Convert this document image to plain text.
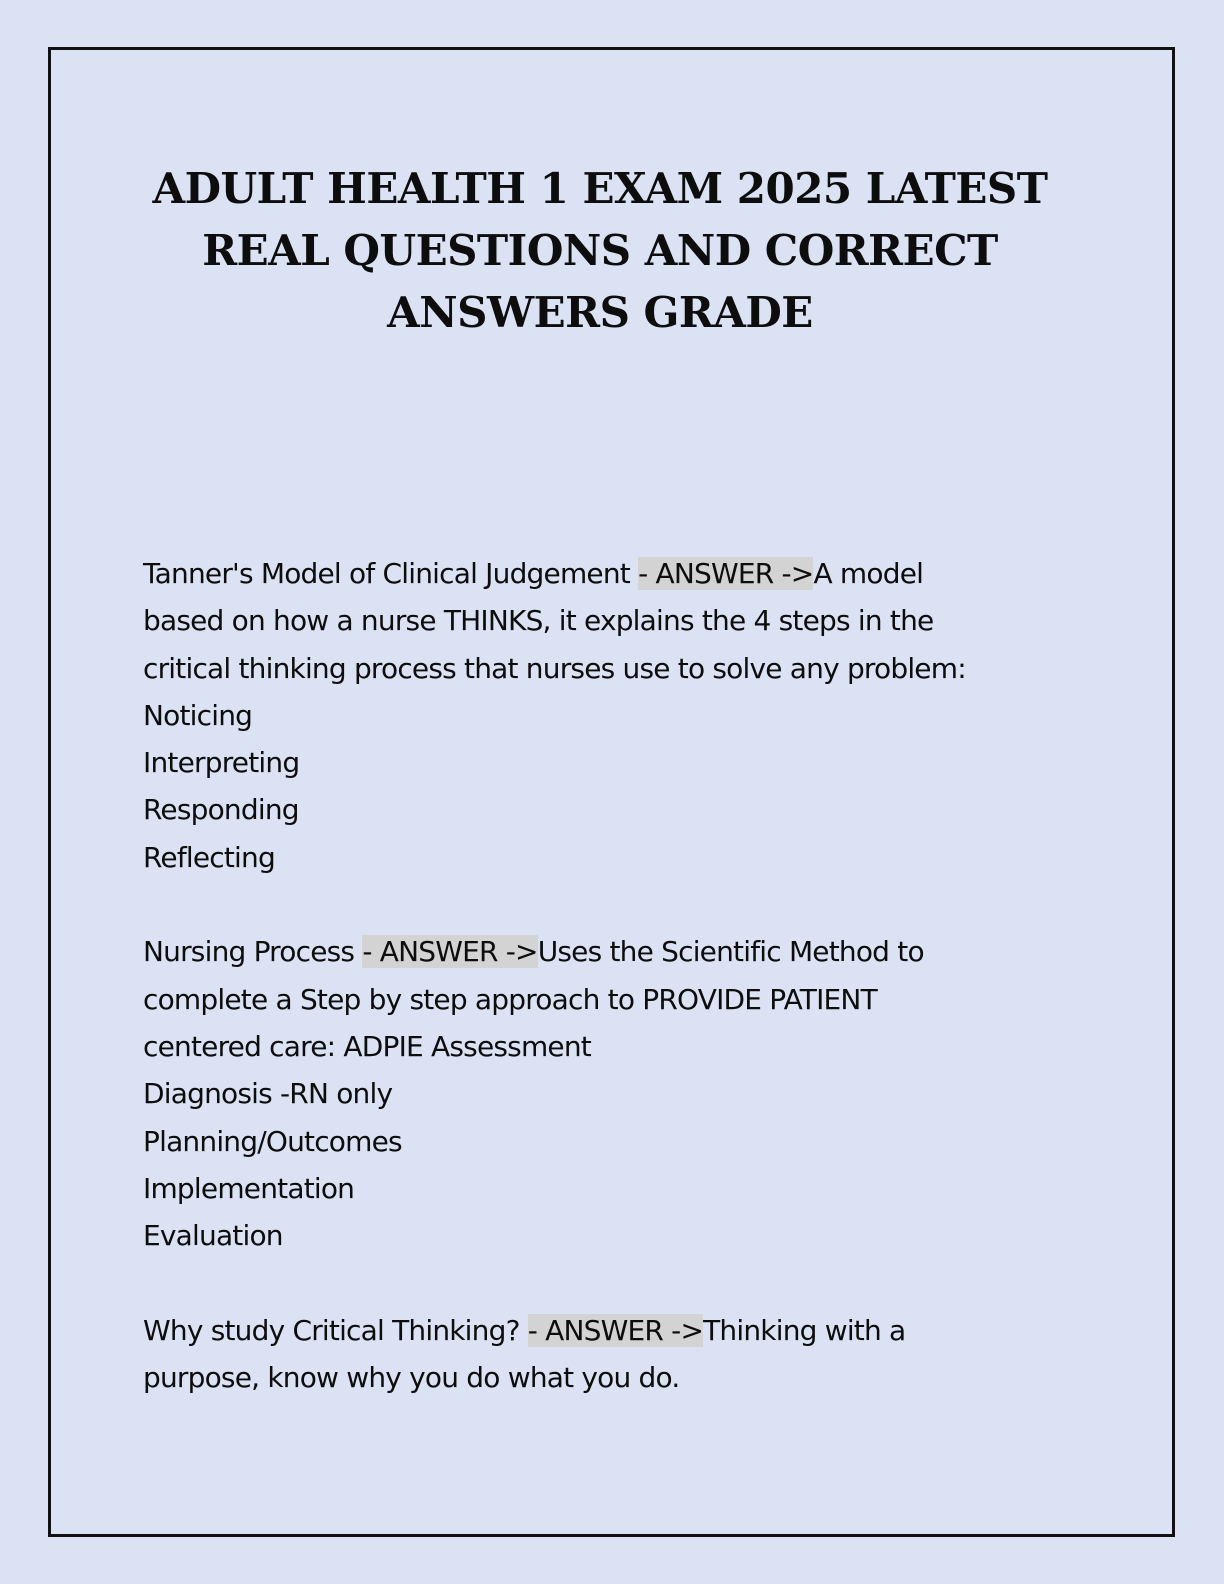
ADULT HEALTH 1 EXAM 2025 LATEST
REAL QUESTIONS AND CORRECT
ANSWERS GRADE

Tanner's Model of Clinical Judgement - ANSWER ->A model

based on how a nurse THINKS, it explains the 4 steps in the

critical thinking process that nurses use to solve any problem:

Noticing

Interpreting

Responding

Reflecting

Nursing Process - ANSWER ->Uses the Scientific Method to

complete a Step by step approach to PROVIDE PATIENT

centered care: ADPIE Assessment

Diagnosis -RN only

Planning/Outcomes

Implementation

Evaluation

Why study Critical Thinking? - ANSWER ->Thinking with a

purpose, know why you do what you do.
